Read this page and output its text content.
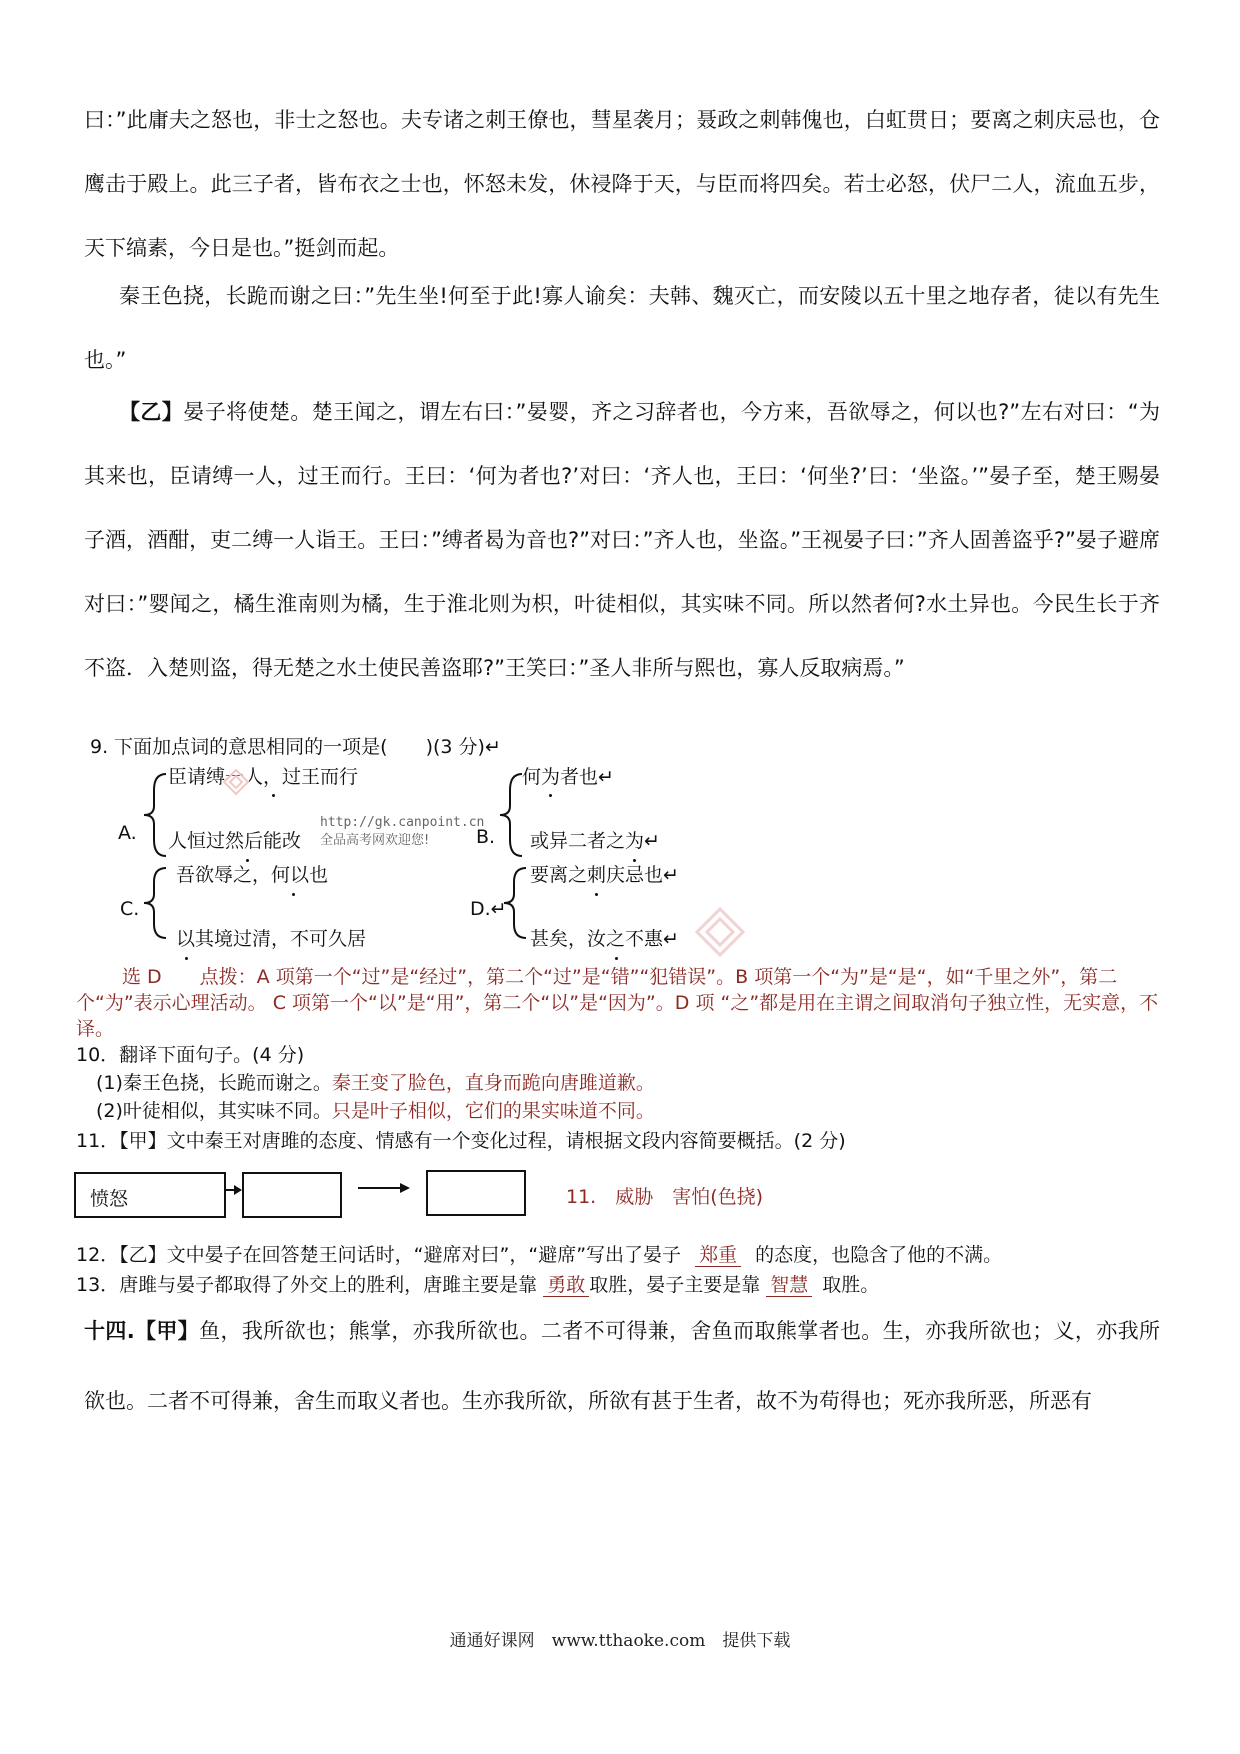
曰：”此庸夫之怒也，非士之怒也。夫专诸之刺王僚也，彗星袭月；聂政之刺韩傀也，白虹贯日；要离之刺庆忌也，仓鹰击于殿上。此三子者，皆布衣之士也，怀怒未发，休祲降于天，与臣而将四矣。若士必怒，伏尸二人，流血五步，天下缟素，今日是也。”挺剑而起。

秦王色挠，长跪而谢之曰：”先生坐!何至于此!寡人谕矣：夫韩、魏灭亡，而安陵以五十里之地存者，徒以有先生也。”

【乙】晏子将使楚。楚王闻之，谓左右曰：”晏婴，齐之习辞者也，今方来，吾欲辱之，何以也?”左右对曰：“为其来也，臣请缚一人，过王而行。王曰：‘何为者也?’对曰：‘齐人也，王曰：‘何坐?’曰：‘坐盗。’”晏子至，楚王赐晏子酒，酒酣，吏二缚一人诣王。王曰：”缚者曷为音也?”对曰：”齐人也，坐盗。”王视晏子曰：”齐人固善盗乎?”晏子避席对曰：”婴闻之，橘生淮南则为橘，生于淮北则为枳，叶徒相似，其实味不同。所以然者何?水土异也。今民生长于齐不盗．入楚则盗，得无楚之水土使民善盗耶?”王笑曰：”圣人非所与熙也，寡人反取病焉。”

9. 下面加点词的意思相同的一项是(　　)(3 分)↵

A.
臣请缚一人，过王而行
人恒过然后能改
http://gk.canpoint.cn
全品高考网欢迎您! B.
何为者也↵
或异二者之为↵
C.
吾欲辱之，何以也
以其境过清，不可久居
D.↵
要离之刺庆忌也↵
甚矣，汝之不惠↵

选 D　　点拨：A 项第一个“过”是“经过”，第二个“过”是“错”“犯错误”。B 项第一个“为”是“是“，如“千里之外”，第二个“为”表示心理活动。 C 项第一个“以”是“用”，第二个“以”是“因为”。D 项 “之”都是用在主谓之间取消句子独立性，无实意，不译。

10．翻译下面句子。(4 分)

(1)秦王色挠，长跪而谢之。秦王变了脸色，直身而跪向唐雎道歉。

(2)叶徒相似，其实味不同。只是叶子相似，它们的果实味道不同。

11．【甲】文中秦王对唐雎的态度、情感有一个变化过程，请根据文段内容简要概括。(2 分)

愤怒	11.　威胁　害怕(色挠)

12．【乙】文中晏子在回答楚王问话时，“避席对曰”，“避席”写出了晏子 郑重 的态度，也隐含了他的不满。

13．唐雎与晏子都取得了外交上的胜利，唐雎主要是靠 勇敢 取胜，晏子主要是靠 智慧 取胜。

十四.【甲】鱼，我所欲也；熊掌，亦我所欲也。二者不可得兼，舍鱼而取熊掌者也。生，亦我所欲也；义，亦我所欲也。二者不可得兼，舍生而取义者也。生亦我所欲，所欲有甚于生者，故不为苟得也；死亦我所恶，所恶有

通通好课网　www.tthaoke.com　提供下载
